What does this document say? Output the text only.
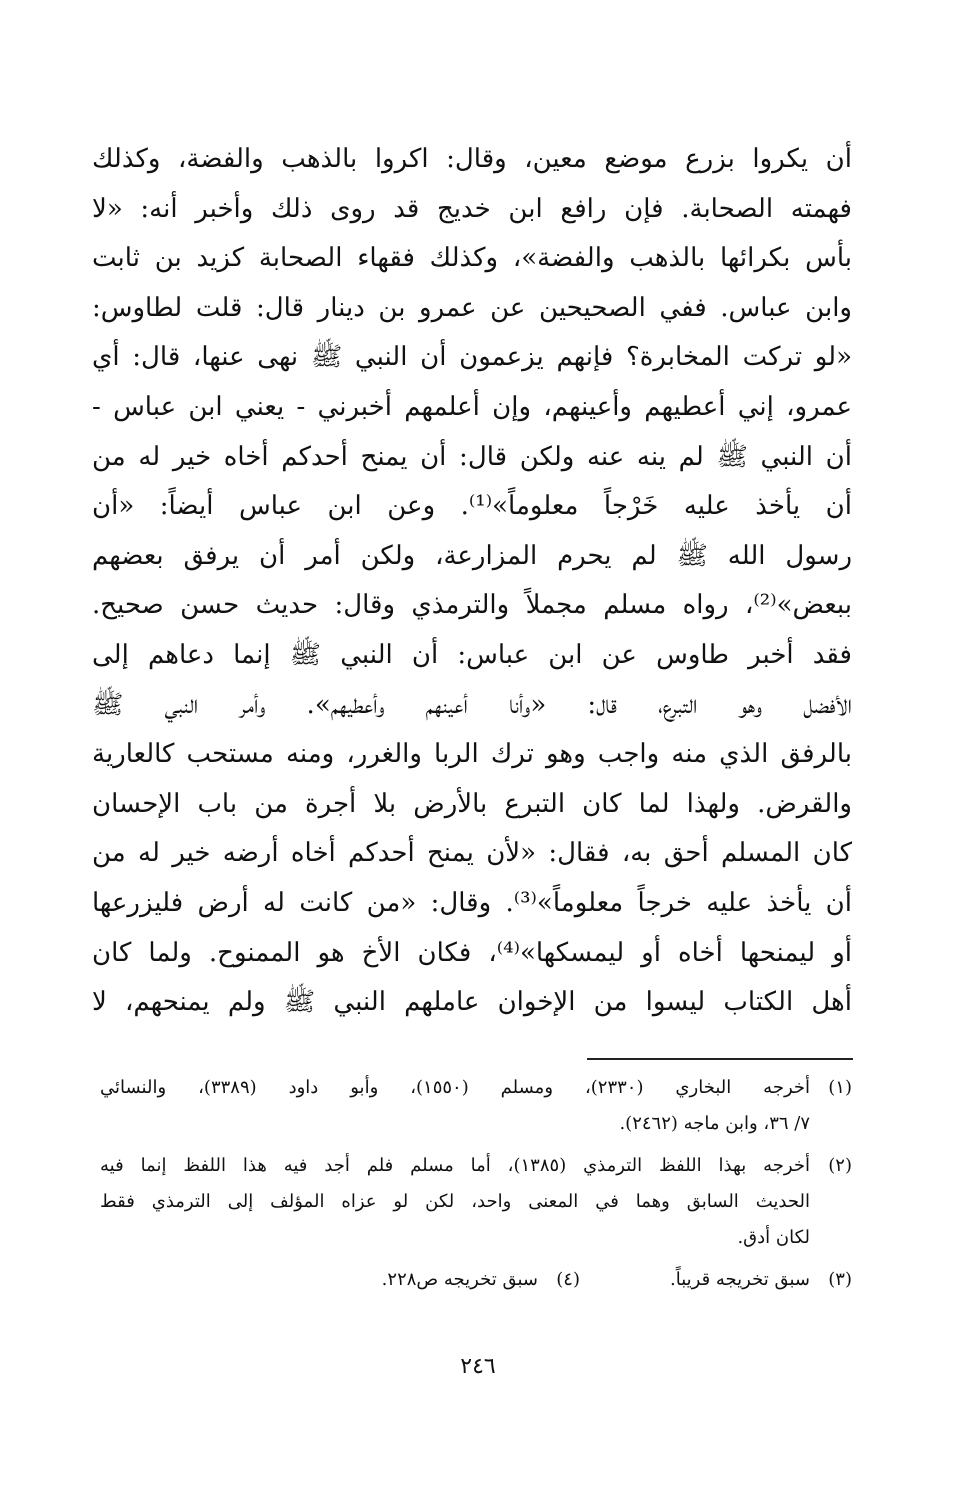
أن يكروا بزرع موضع معين، وقال: اكروا بالذهب والفضة، وكذلك
فهمته الصحابة. فإن رافع ابن خديج قد روى ذلك وأخبر أنه: «لا
بأس بكرائها بالذهب والفضة»، وكذلك فقهاء الصحابة كزيد بن ثابت
وابن عباس. ففي الصحيحين عن عمرو بن دينار قال: قلت لطاوس:
«لو تركت المخابرة؟ فإنهم يزعمون أن النبي ﷺ نهى عنها، قال: أي
عمرو، إني أعطيهم وأعينهم، وإن أعلمهم أخبرني - يعني ابن عباس -
أن النبي ﷺ لم ينه عنه ولكن قال: أن يمنح أحدكم أخاه خير له من
أن يأخذ عليه خَرْجاً معلوماً»⁽¹⁾. وعن ابن عباس أيضاً: «أن
رسول الله ﷺ لم يحرم المزارعة، ولكن أمر أن يرفق بعضهم
ببعض»⁽²⁾، رواه مسلم مجملاً والترمذي وقال: حديث حسن صحيح.
فقد أخبر طاوس عن ابن عباس: أن النبي ﷺ إنما دعاهم إلى
الأفضل وهو التبرع، قال: «وأنا أعينهم وأعطيهم». وأمر النبي ﷺ
بالرفق الذي منه واجب وهو ترك الربا والغرر، ومنه مستحب كالعارية
والقرض. ولهذا لما كان التبرع بالأرض بلا أجرة من باب الإحسان
كان المسلم أحق به، فقال: «لأن يمنح أحدكم أخاه أرضه خير له من
أن يأخذ عليه خرجاً معلوماً»⁽³⁾. وقال: «من كانت له أرض فليزرعها
أو ليمنحها أخاه أو ليمسكها»⁽⁴⁾، فكان الأخ هو الممنوح. ولما كان
أهل الكتاب ليسوا من الإخوان عاملهم النبي ﷺ ولم يمنحهم، لا
(١)
أخرجه البخاري (٢٣٣٠)، ومسلم (١٥٥٠)، وأبو داود (٣٣٨٩)، والنسائي
٧/ ٣٦، وابن ماجه (٢٤٦٢).
(٢)
أخرجه بهذا اللفظ الترمذي (١٣٨٥)، أما مسلم فلم أجد فيه هذا اللفظ إنما فيه
الحديث السابق وهما في المعنى واحد، لكن لو عزاه المؤلف إلى الترمذي فقط
لكان أدق.
(٣)
سبق تخريجه قريباً.
(٤)
سبق تخريجه ص٢٢٨.
٢٤٦
